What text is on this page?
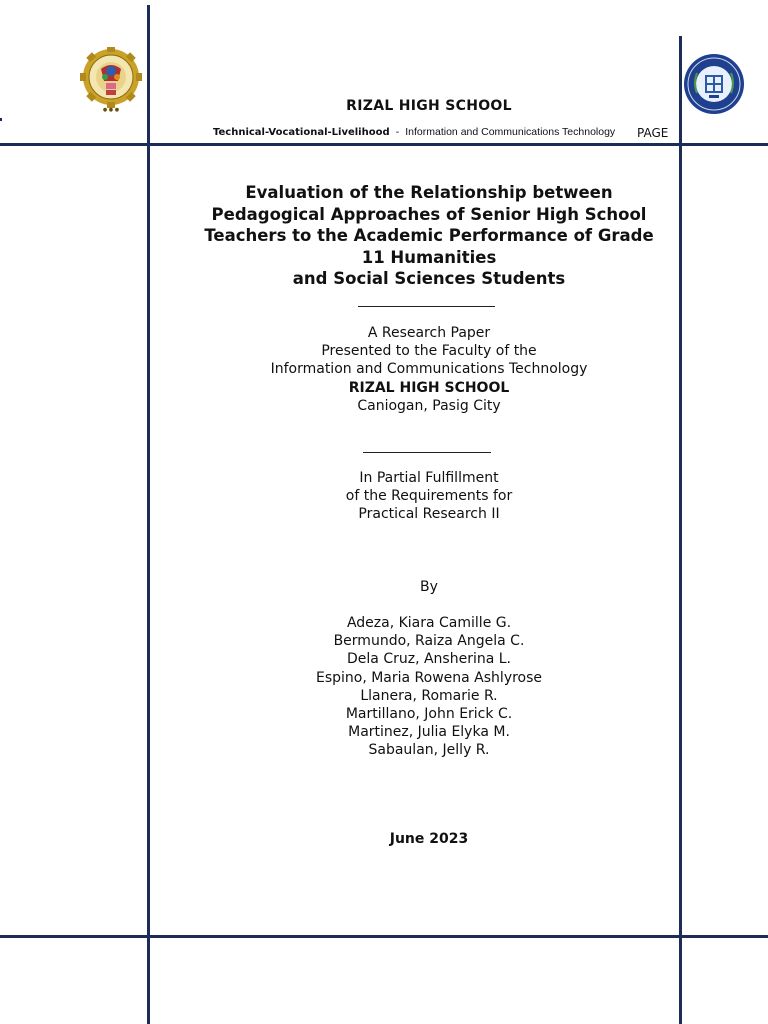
● ● ●	RIZAL HIGH SCHOOL
Technical-Vocational-Livelihood - Information and Communications Technology PAGE
Evaluation of the Relationship between
Pedagogical Approaches of Senior High School
Teachers to the Academic Performance of Grade
11 Humanities
and Social Sciences Students
A Research Paper
Presented to the Faculty of the
Information and Communications Technology
RIZAL HIGH SCHOOL
Caniogan, Pasig City
In Partial Fulfillment
of the Requirements for
Practical Research II
By
Adeza, Kiara Camille G.
Bermundo, Raiza Angela C.
Dela Cruz, Ansherina L.
Espino, Maria Rowena Ashlyrose
Llanera, Romarie R.
Martillano, John Erick C.
Martinez, Julia Elyka M.
Sabaulan, Jelly R.
June 2023
